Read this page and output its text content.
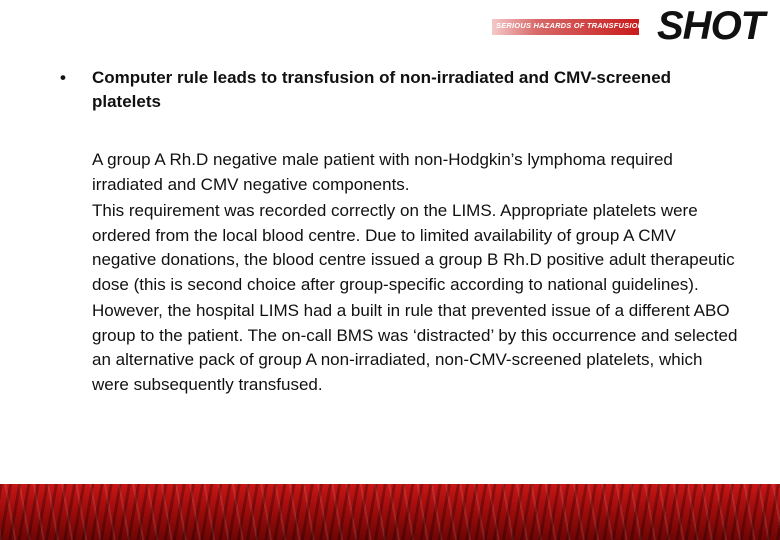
SERIOUS HAZARDS OF TRANSFUSION SHOT
• Computer rule leads to transfusion of non-irradiated and CMV-screened platelets

A group A Rh.D negative male patient with non-Hodgkin’s lymphoma required irradiated and CMV negative components.

This requirement was recorded correctly on the LIMS. Appropriate platelets were ordered from the local blood centre. Due to limited availability of group A CMV negative donations, the blood centre issued a group B Rh.D positive adult therapeutic dose (this is second choice after group-specific according to national guidelines).

However, the hospital LIMS had a built in rule that prevented issue of a different ABO group to the patient. The on-call BMS was ‘distracted’ by this occurrence and selected an alternative pack of group A non-irradiated, non-CMV-screened platelets, which were subsequently transfused.
